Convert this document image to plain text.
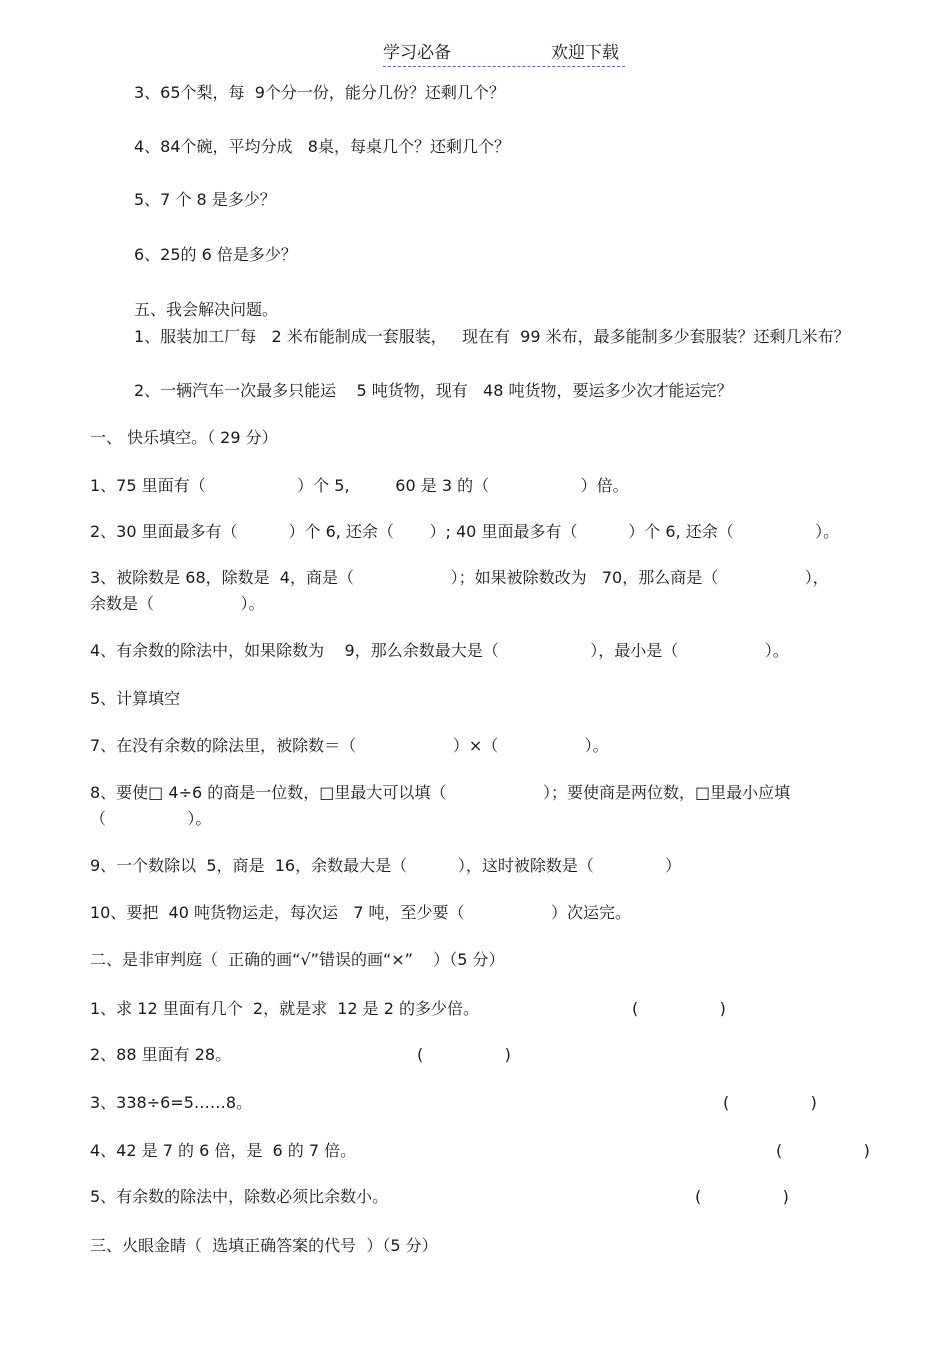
学习必备	欢迎下载
3、65个梨，每  9个分一份，能分几份？还剩几个？
4、84个碗，平均分成   8桌，每桌几个？还剩几个？
5、7 个 8 是多少？
6、25的 6 倍是多少？
五、我会解决问题。
1、服装加工厂每   2 米布能制成一套服装，   现在有  99 米布，最多能制多少套服装？还剩几米布？
2、一辆汽车一次最多只能运    5 吨货物，现有   48 吨货物，要运多少次才能运完？
一、 快乐填空。（ 29 分）
1、75 里面有（                  ）个 5,         60 是 3 的（                  ）倍。
2、30 里面最多有（          ）个 6, 还余（       ）; 40 里面最多有（          ）个 6, 还余（                ）。
3、被除数是 68，除数是  4，商是（                   ）；如果被除数改为   70，那么商是（                 ），
余数是（                 ）。
4、有余数的除法中，如果除数为    9，那么余数最大是（                  ），最小是（                 ）。
5、计算填空
7、在没有余数的除法里，被除数＝（                   ）×（                 ）。
8、要使□ 4÷6 的商是一位数，□里最大可以填（                   ）；要使商是两位数，□里最小应填
（                ）。
9、一个数除以  5，商是  16，余数最大是（          ），这时被除数是（              ）
10、要把  40 吨货物运走，每次运   7 吨，至少要（                 ）次运完。
二、是非审判庭（  正确的画“√”错误的画“×”    ）（5 分）
1、求 12 里面有几个  2，就是求  12 是 2 的多少倍。	(                )
2、88 里面有 28。	(                )
3、338÷6=5……8。	(                )
4、42 是 7 的 6 倍，是  6 的 7 倍。	(                )
5、有余数的除法中，除数必须比余数小。	(                )
三、火眼金睛（  选填正确答案的代号  ）（5 分）
